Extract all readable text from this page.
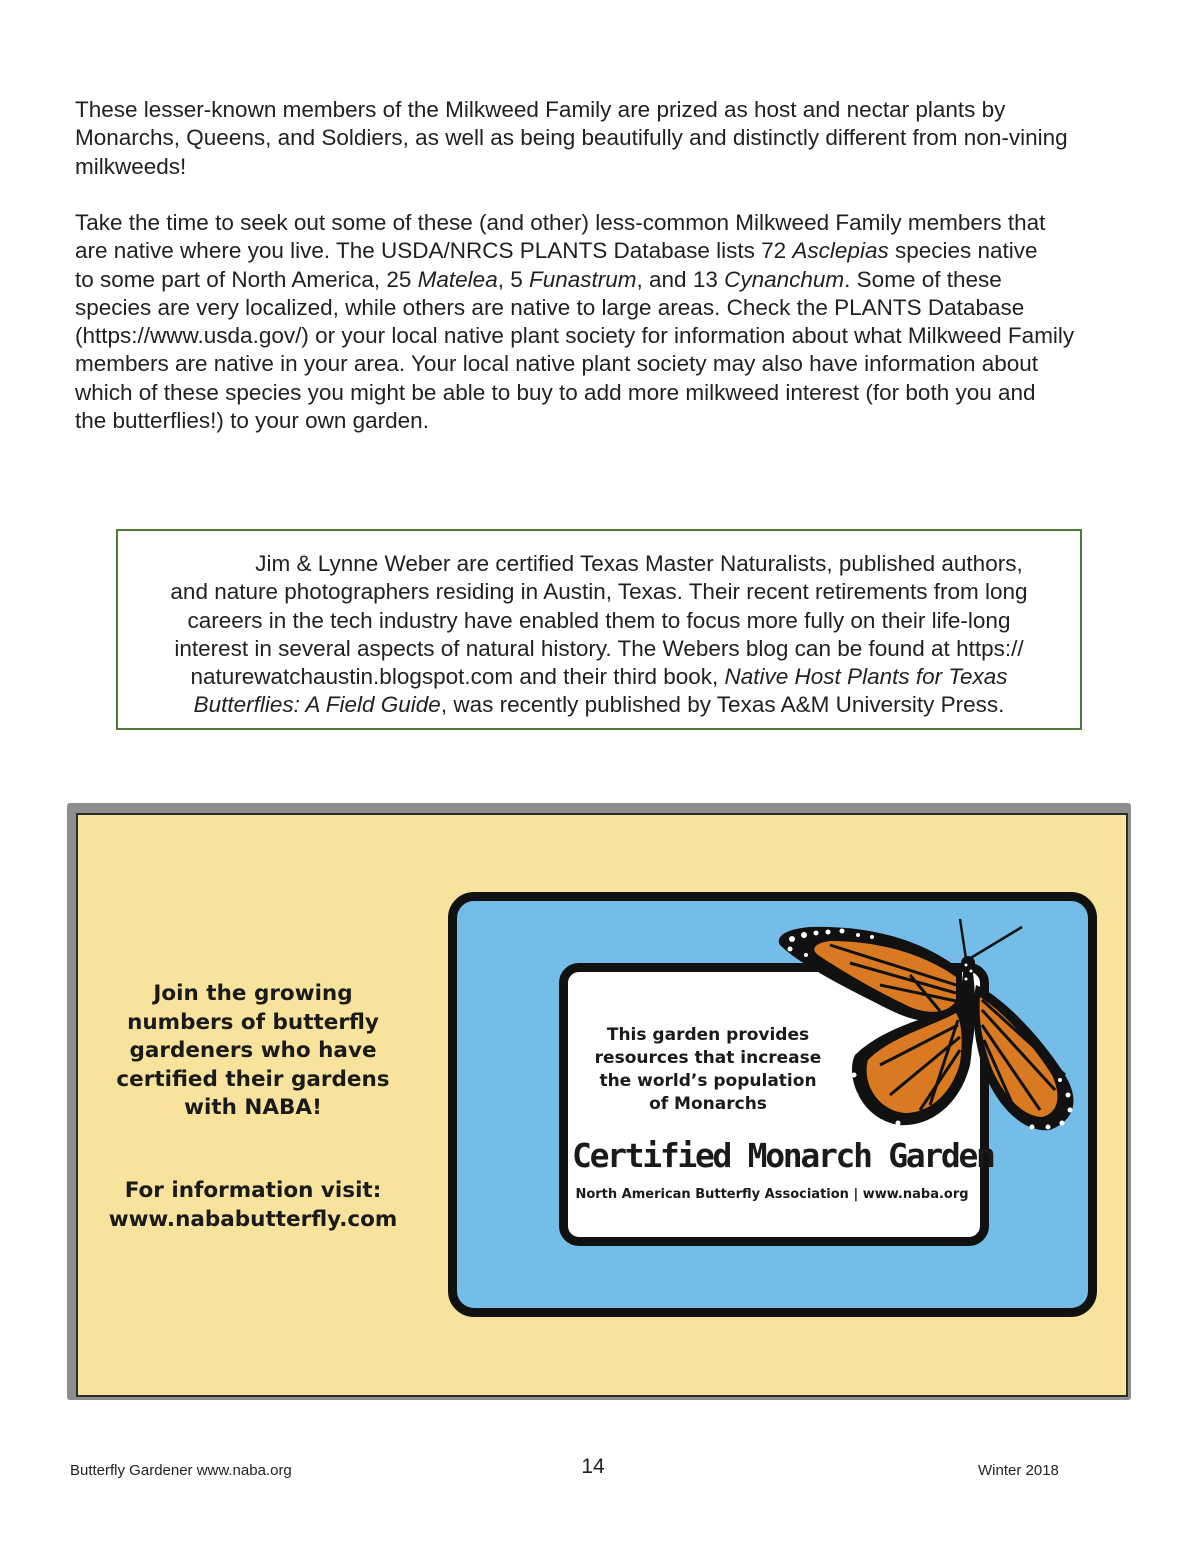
These lesser-known members of the Milkweed Family are prized as host and nectar plants by
Monarchs, Queens, and Soldiers, as well as being beautifully and distinctly different from non-vining
milkweeds!

Take the time to seek out some of these (and other) less-common Milkweed Family members that
are native where you live. The USDA/NRCS PLANTS Database lists 72 Asclepias species native
to some part of North America, 25 Matelea, 5 Funastrum, and 13 Cynanchum. Some of these
species are very localized, while others are native to large areas. Check the PLANTS Database
(https://www.usda.gov/) or your local native plant society for information about what Milkweed Family
members are native in your area. Your local native plant society may also have information about
which of these species you might be able to buy to add more milkweed interest (for both you and
the butterflies!) to your own garden.

Jim & Lynne Weber are certified Texas Master Naturalists, published authors,
and nature photographers residing in Austin, Texas. Their recent retirements from long
careers in the tech industry have enabled them to focus more fully on their life-long
interest in several aspects of natural history. The Webers blog can be found at https://
naturewatchaustin.blogspot.com and their third book, Native Host Plants for Texas
Butterflies: A Field Guide, was recently published by Texas A&M University Press.
Join the growing
numbers of butterfly
gardeners who have
certified their gardens
with NABA!
For information visit:
www.nababutterfly.com
This garden provides
resources that increase
the world’s population
of Monarchs
Certified Monarch Garden
North American Butterfly Association | www.naba.org
Butterfly Gardener www.naba.org	14	Winter 2018
